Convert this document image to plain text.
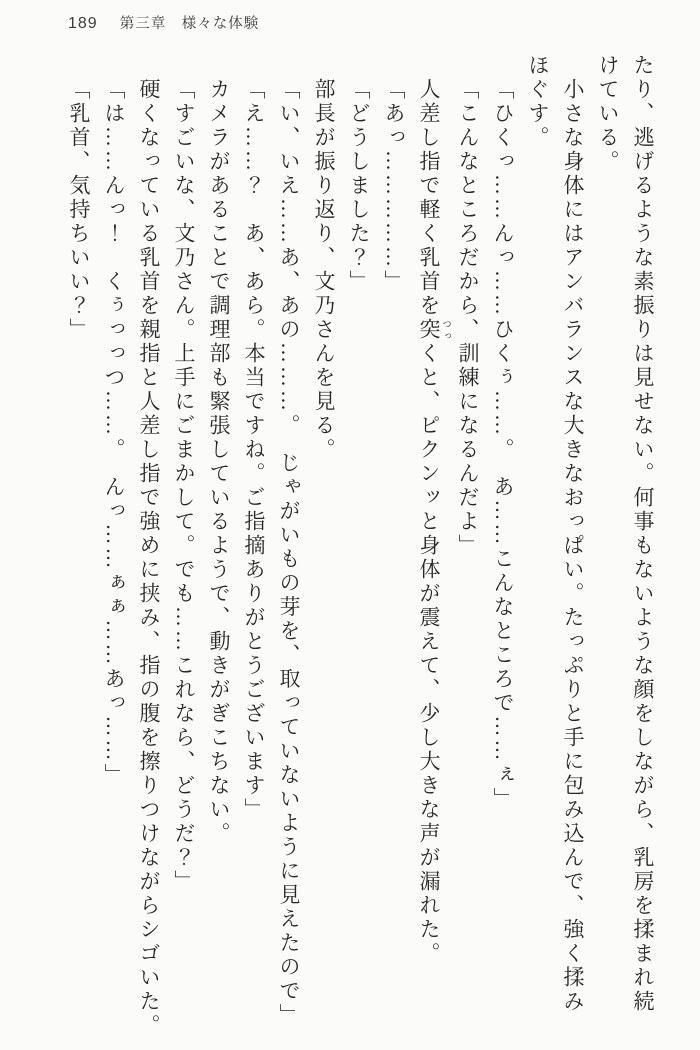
189 第三章　様々な体験

たり、逃げるような素振りは見せない。何事もないような顔をしながら、乳房を揉まれ続

けている。

小さな身体にはアンバランスな大きなおっぱい。たっぷりと手に包み込んで、強く揉み

ほぐす。

「ひくっ……んっ……ひくぅ……。　あ……こんなところで……ぇ」

「こんなところだから、訓練になるんだよ」

人差し指で軽く乳首を突 つっくと、ピクンッと身体が震えて、少し大きな声が漏れた。

「あっ……………」

「どうしました？」

部長が振り返り、文乃さんを見る。

「い、いえ……あ、あの………。　じゃがいもの芽を、取っていないように見えたので」

「え……？　あ、あら。本当ですね。ご指摘ありがとうございます」

カメラがあることで調理部も緊張しているようで、動きがぎこちない。

「すごいな、文乃さん。上手にごまかして。でも……これなら、どうだ？」

硬くなっている乳首を親指と人差し指で強めに挟み、指の腹を擦りつけながらシゴいた。

「は……んっ！　くぅっっつ……。　んっ……ぁぁ……あっ……」

「乳首、気持ちいい？」
